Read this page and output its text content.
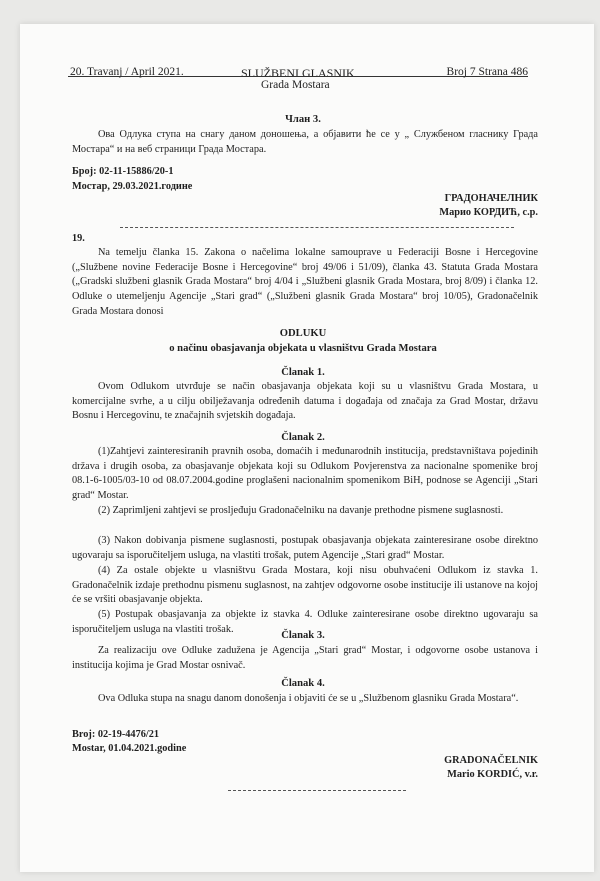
20. Travanj / April 2021.	SLUŽBENI GLASNIK	Broj 7 Strana 486
Grada Mostara
Члан 3.
Ова Одлука ступа на снагу даном доношења, а објавити ће се у „ Службеном гласнику Града Мостара“ и на веб страници Града Мостара.
Број: 02-11-15886/20-1
Мостар, 29.03.2021.године
ГРАДОНАЧЕЛНИК
Марио КОРДИЋ, с.р.
19.
Na temelju članka 15. Zakona o načelima lokalne samouprave u Federaciji Bosne i Hercegovine („Službene novine Federacije Bosne i Hercegovine“ broj 49/06 i 51/09), članka 43. Statuta Grada Mostara („Gradski službeni glasnik Grada Mostara“ broj 4/04 i „Službeni glasnik Grada Mostara, broj 8/09) i članka 12. Odluke o utemeljenju Agencije „Stari grad“ („Službeni glasnik Grada Mostara“ broj 10/05), Gradonačelnik Grada Mostara donosi
ODLUKU
o načinu obasjavanja objekata u vlasništvu Grada Mostara
Članak 1.
Ovom Odlukom utvrđuje se način obasjavanja objekata koji su u vlasništvu Grada Mostara, u komercijalne svrhe, a u cilju obilježavanja određenih datuma i događaja od značaja za Grad Mostar, državu Bosnu i Hercegovinu, te značajnih svjetskih događaja.
Članak 2.
(1)Zahtjevi zainteresiranih pravnih osoba, domaćih i međunarodnih institucija, predstavništava pojedinih država i drugih osoba, za obasjavanje objekata koji su Odlukom Povjerenstva za nacionalne spomenike broj 08.1-6-1005/03-10 od 08.07.2004.godine proglašeni nacionalnim spomenikom BiH, podnose se Agenciji „Stari grad“ Mostar.
(2) Zaprimljeni zahtjevi se prosljeđuju Gradonačelniku na davanje prethodne pismene suglasnosti.
(3) Nakon dobivanja pismene suglasnosti, postupak obasjavanja objekata zainteresirane osobe direktno ugovaraju sa isporučiteljem usluga, na vlastiti trošak, putem Agencije „Stari grad“ Mostar.
(4) Za ostale objekte u vlasništvu Grada Mostara, koji nisu obuhvaćeni Odlukom iz stavka 1. Gradonačelnik izdaje prethodnu pismenu suglasnost, na zahtjev odgovorne osobe institucije ili ustanove na kojoj će se vršiti obasjavanje objekta.
(5) Postupak obasjavanja za objekte iz stavka 4. Odluke zainteresirane osobe direktno ugovaraju sa isporučiteljem usluga na vlastiti trošak.
Članak 3.
Za realizaciju ove Odluke zadužena je Agencija „Stari grad“ Mostar, i odgovorne osobe ustanova i institucija kojima je Grad Mostar osnivač.
Članak 4.
Ova Odluka stupa na snagu danom donošenja i objaviti će se u „Službenom glasniku Grada Mostara“.
Broj: 02-19-4476/21
Mostar, 01.04.2021.godine
GRADONAČELNIK
Mario KORDIĆ, v.r.
